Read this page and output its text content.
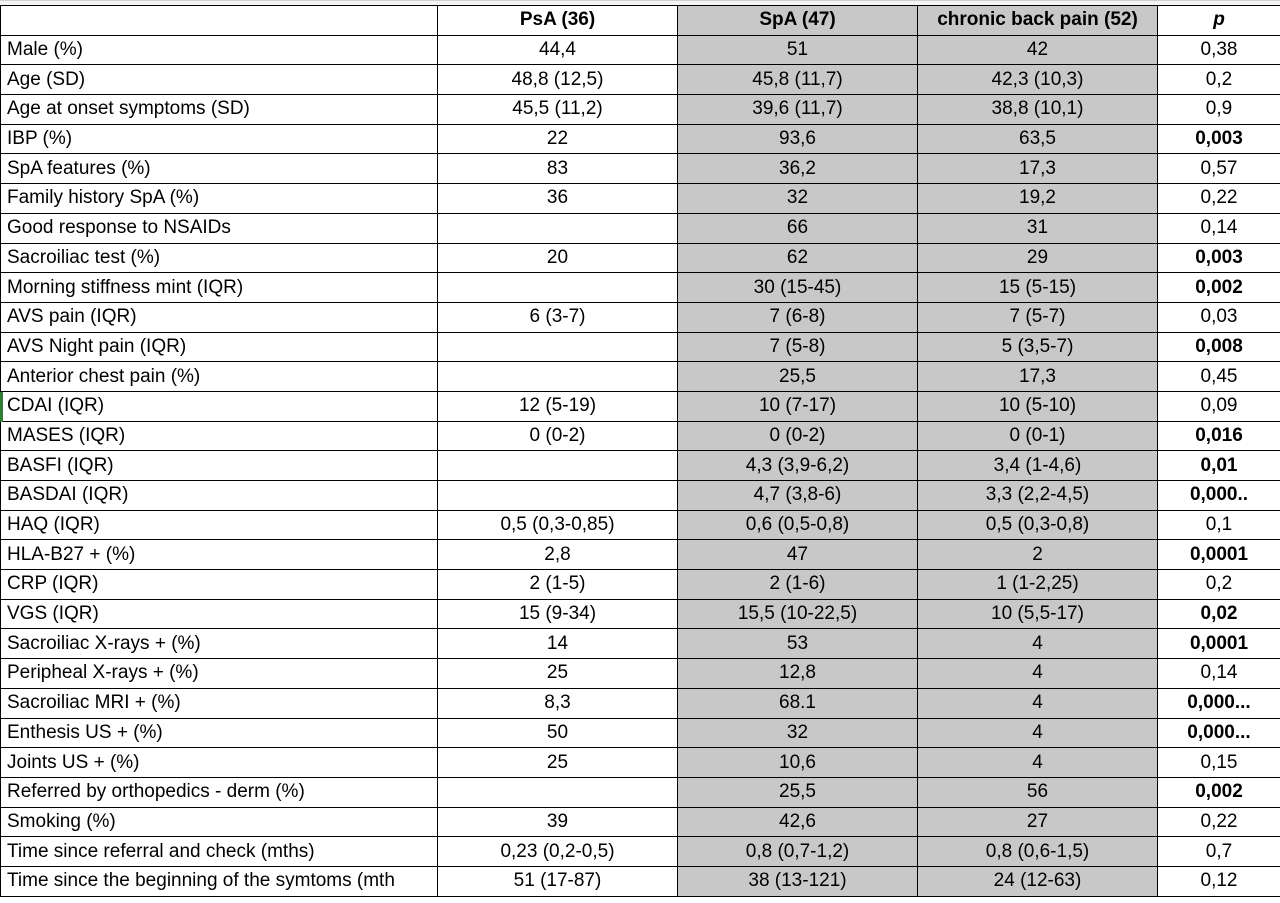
	PsA (36)	SpA (47)	chronic back pain (52)	p
Male (%)	44,4	51	42	0,38
Age (SD)	48,8 (12,5)	45,8 (11,7)	42,3 (10,3)	0,2
Age at onset symptoms (SD)	45,5 (11,2)	39,6 (11,7)	38,8 (10,1)	0,9
IBP (%)	22	93,6	63,5	0,003
SpA features (%)	83	36,2	17,3	0,57
Family history SpA (%)	36	32	19,2	0,22
Good response to NSAIDs		66	31	0,14
Sacroiliac test (%)	20	62	29	0,003
Morning stiffness mint (IQR)		30 (15-45)	15 (5-15)	0,002
AVS pain (IQR)	6 (3-7)	7 (6-8)	7 (5-7)	0,03
AVS Night pain (IQR)		7 (5-8)	5 (3,5-7)	0,008
Anterior chest pain (%)		25,5	17,3	0,45
CDAI (IQR)	12 (5-19)	10 (7-17)	10 (5-10)	0,09
MASES (IQR)	0 (0-2)	0 (0-2)	0 (0-1)	0,016
BASFI (IQR)		4,3 (3,9-6,2)	3,4 (1-4,6)	0,01
BASDAI (IQR)		4,7 (3,8-6)	3,3 (2,2-4,5)	0,000..
HAQ (IQR)	0,5 (0,3-0,85)	0,6 (0,5-0,8)	0,5 (0,3-0,8)	0,1
HLA-B27 + (%)	2,8	47	2	0,0001
CRP (IQR)	2 (1-5)	2 (1-6)	1 (1-2,25)	0,2
VGS (IQR)	15 (9-34)	15,5 (10-22,5)	10 (5,5-17)	0,02
Sacroiliac X-rays + (%)	14	53	4	0,0001
Peripheal X-rays + (%)	25	12,8	4	0,14
Sacroiliac MRI + (%)	8,3	68.1	4	0,000...
Enthesis US + (%)	50	32	4	0,000...
Joints US + (%)	25	10,6	4	0,15
Referred by orthopedics - derm (%)		25,5	56	0,002
Smoking (%)	39	42,6	27	0,22
Time since referral and check (mths)	0,23 (0,2-0,5)	0,8 (0,7-1,2)	0,8 (0,6-1,5)	0,7
Time since the beginning of the symtoms (mth	51 (17-87)	38 (13-121)	24 (12-63)	0,12
